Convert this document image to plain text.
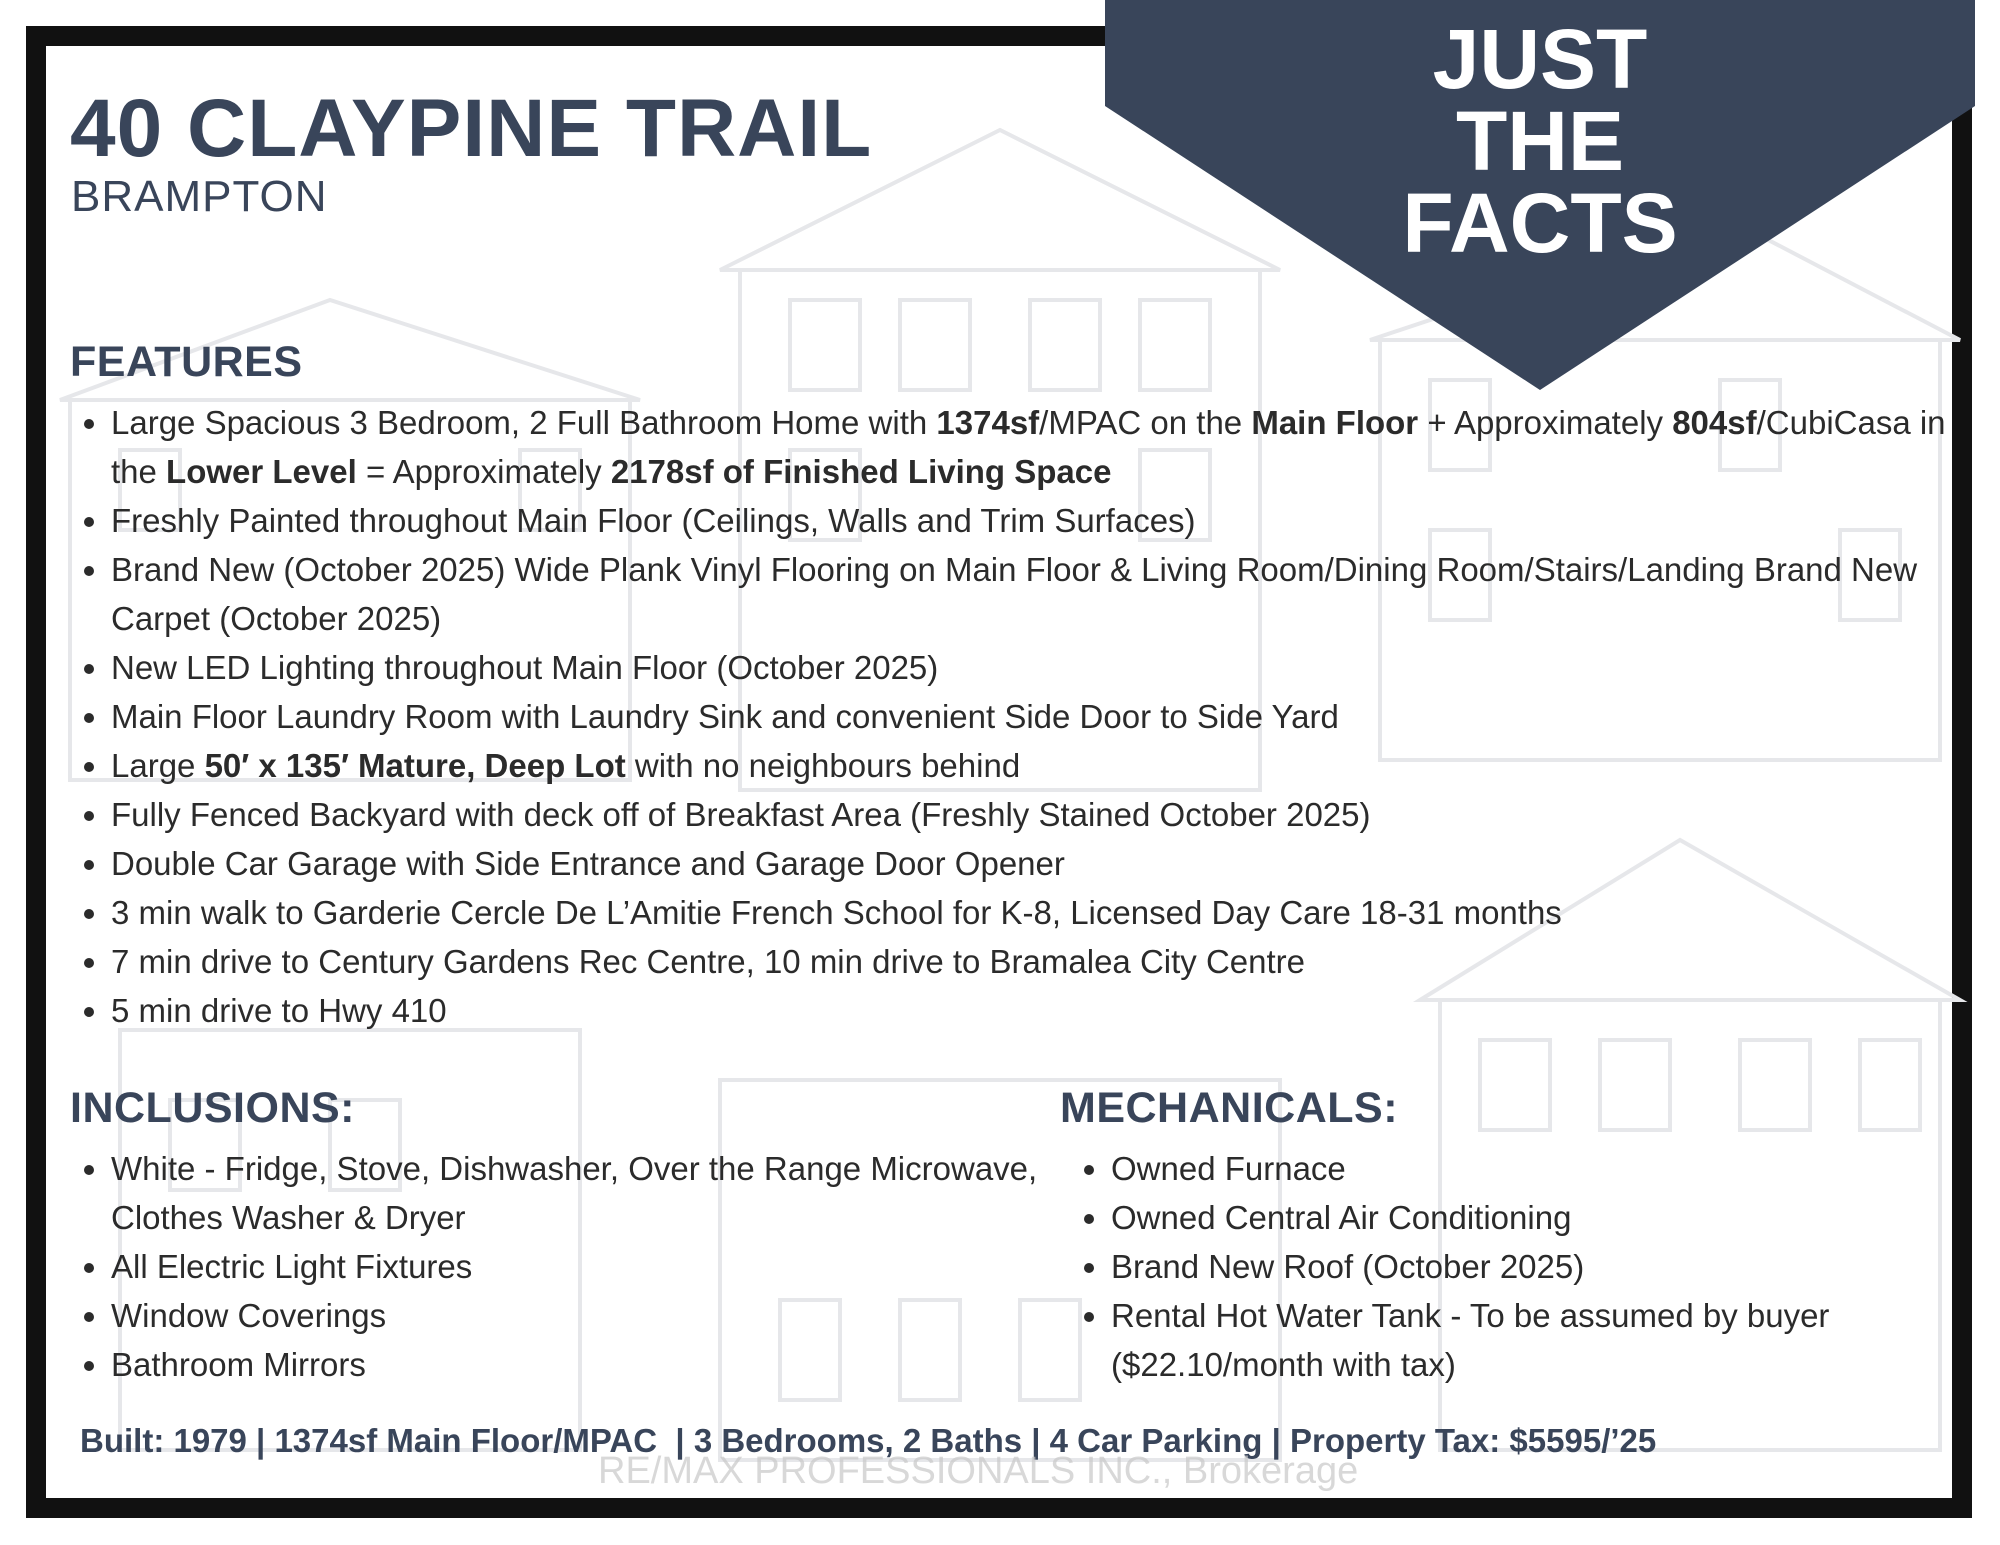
JUST
THE
FACTS
40 CLAYPINE TRAIL
BRAMPTON
FEATURES
• Large Spacious 3 Bedroom, 2 Full Bathroom Home with 1374sf/MPAC on the Main Floor + Approximately 804sf/CubiCasa in the Lower Level = Approximately 2178sf of Finished Living Space
• Freshly Painted throughout Main Floor (Ceilings, Walls and Trim Surfaces)
• Brand New (October 2025) Wide Plank Vinyl Flooring on Main Floor & Living Room/Dining Room/Stairs/Landing Brand New Carpet (October 2025)
• New LED Lighting throughout Main Floor (October 2025)
• Main Floor Laundry Room with Laundry Sink and convenient Side Door to Side Yard
• Large 50′ x 135′ Mature, Deep Lot with no neighbours behind
• Fully Fenced Backyard with deck off of Breakfast Area (Freshly Stained October 2025)
• Double Car Garage with Side Entrance and Garage Door Opener
• 3 min walk to Garderie Cercle De L’Amitie French School for K-8, Licensed Day Care 18-31 months
• 7 min drive to Century Gardens Rec Centre, 10 min drive to Bramalea City Centre
• 5 min drive to Hwy 410
INCLUSIONS:
• White - Fridge, Stove, Dishwasher, Over the Range Microwave, Clothes Washer & Dryer
• All Electric Light Fixtures
• Window Coverings
• Bathroom Mirrors
MECHANICALS:
• Owned Furnace
• Owned Central Air Conditioning
• Brand New Roof (October 2025)
• Rental Hot Water Tank - To be assumed by buyer ($22.10/month with tax)
Built: 1979 | 1374sf Main Floor/MPAC  | 3 Bedrooms, 2 Baths | 4 Car Parking | Property Tax: $5595/’25
RE/MAX PROFESSIONALS INC., Brokerage
